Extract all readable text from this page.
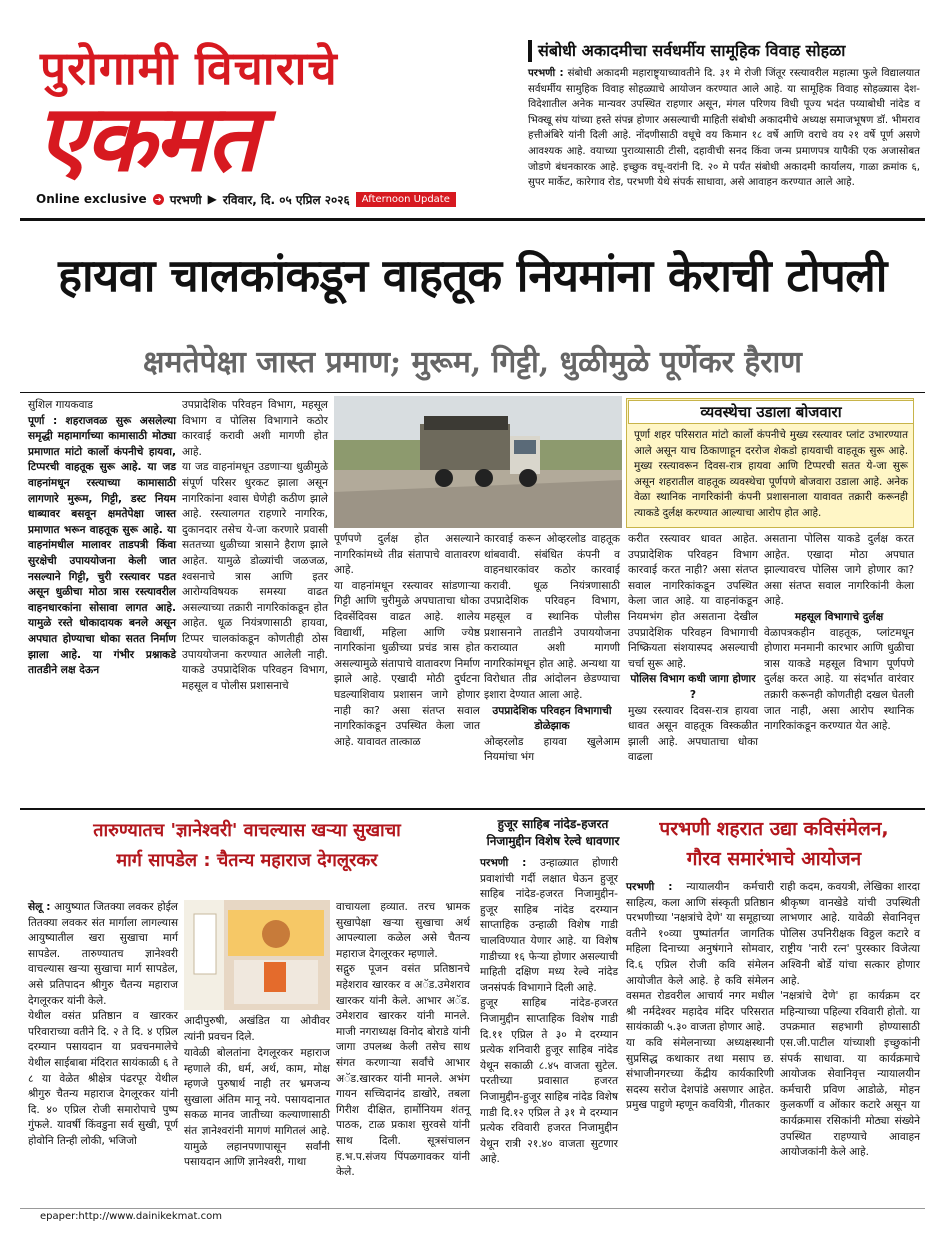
पुरोगामी विचाराचे
एकमत
Online exclusive ➜ परभणी ▶ रविवार, दि. ०५ एप्रिल २०२६	Afternoon Update
संबोधी अकादमीचा सर्वधर्मीय सामूहिक विवाह सोहळा
परभणी : संबोधी अकादमी महाराष्ट्र्याच्यावतीने दि. ३१ मे रोजी जिंतूर रस्त्यावरील महात्मा फुले विद्यालयात सर्वधर्मीय सामुहिक विवाह सोहळ्याचे आयोजन करण्यात आले आहे. या सामूहिक विवाह सोहळ्यास देश-विदेशातील अनेक मान्यवर उपस्थित राहणार असून, मंगल परिणय विधी पूज्य भदंत पय्याबोधी नांदेड व भिक्खू संघ यांच्या हस्ते संपन्न होणार असल्याची माहिती संबोधी अकादमीचे अध्यक्ष समाजभूषण डॉ. भीमराव हत्तीअंबिरे यांनी दिली आहे. नोंदणीसाठी वधूचे वय किमान १८ वर्षे आणि वराचे वय २१ वर्षे पूर्ण असणे आवश्यक आहे. वयाच्या पुराव्यासाठी टीसी, दहावीची सनद किंवा जन्म प्रमाणपत्र यापैकी एक अजासोबत जोडणे बंधनकारक आहे. इच्छुक वधू-वरांनी दि. २० मे पर्यंत संबोधी अकादमी कार्यालय, गाळा क्रमांक ६, सुपर मार्केट, कारेगाव रोड, परभणी येथे संपर्क साधावा, असे आवाहन करण्यात आले आहे.
हायवा चालकांकडून वाहतूक नियमांना केराची टोपली
क्षमतेपेक्षा जास्त प्रमाण; मुरूम, गिट्टी, धुळीमुळे पूर्णेकर हैराण
सुशिल गायकवाड
पूर्णा : शहराजवळ सुरू असलेल्या समृद्धी महामार्गाच्या कामासाठी मोठ्या प्रमाणात मांटो कार्लो कंपनीचे हायवा, टिप्परची वाहतूक सुरू आहे. या जड वाहनांमधून रस्त्याच्या कामासाठी लागणारे मुरूम, गिट्टी, डस्ट नियम धाब्यावर बसवून क्षमतेपेक्षा जास्त प्रमाणात भरून वाहतूक सुरू आहे. या वाहनांमधील मालावर ताडपत्री किंवा सुरक्षेची उपाययोजना केली जात नसल्याने गिट्टी, चुरी रस्त्यावर पडत असून धुळीचा मोठा त्रास रस्त्यावरील वाहनधारकांना सोसावा लागत आहे. यामुळे रस्ते धोकादायक बनले असून अपघात होण्याचा धोका सतत निर्माण झाला आहे. या गंभीर प्रश्नाकडे तातडीने लक्ष देऊन
उपप्रादेशिक परिवहन विभाग, महसूल विभाग व पोलिस विभागाने कठोर कारवाई करावी अशी मागणी होत आहे.
या जड वाहनांमधून उडणाऱ्या धुळीमुळे संपूर्ण परिसर धुरकट झाला असून नागरिकांना श्वास घेणेही कठीण झाले आहे. रस्त्यालगत राहणारे नागरिक, दुकानदार तसेच ये-जा करणारे प्रवासी सततच्या धुळीच्या त्रासाने हैराण झाले आहेत. यामुळे डोळ्यांची जळजळ, श्वसनाचे त्रास आणि इतर आरोग्यविषयक समस्या वाढत असल्याच्या तक्रारी नागरिकांकडून होत आहेत. धूळ नियंत्रणासाठी हायवा, टिप्पर चालकांकडून कोणतीही ठोस उपाययोजना करण्यात आलेली नाही. याकडे उपप्रादेशिक परिवहन विभाग, महसूल व पोलीस प्रशासनाचे
व्यवस्थेचा उडाला बोजवारा
पूर्णा शहर परिसरात मांटो कार्लो कंपनीचे मुख्य रस्त्यावर प्लांट उभारण्यात आले असून याच ठिकाणाहून दररोज शेकडो हायवाची वाहतूक सुरू आहे. मुख्य रस्त्यावरून दिवस-रात्र हायवा आणि टिप्परची सतत ये-जा सुरू असून शहरातील वाहतूक व्यवस्थेचा पूर्णपणे बोजवारा उडाला आहे. अनेक वेळा स्थानिक नागरिकांनी कंपनी प्रशासनाला यावावत तक्रारी करूनही त्याकडे दुर्लक्ष करण्यात आल्याचा आरोप होत आहे.
पूर्णपणे दुर्लक्ष होत असल्याने नागरिकांमध्ये तीव्र संतापाचे वातावरण आहे.
या वाहनांमधून रस्त्यावर सांडणाऱ्या गिट्टी आणि चुरीमुळे अपघाताचा धोका दिवसेंदिवस वाढत आहे. शालेय विद्यार्थी, महिला आणि ज्येष्ठ नागरिकांना धुळीच्या प्रचंड त्रास होत असल्यामुळे संतापाचे वातावरण निर्माण झाले आहे. एखादी मोठी दुर्घटना घडल्याशिवाय प्रशासन जागे होणार नाही का? असा संतप्त सवाल नागरिकांकडून उपस्थित केला जात आहे. यावावत तात्काळ
कारवाई करून ओव्हरलोड वाहतूक थांबवावी. संबंधित कंपनी व वाहनधारकांवर कठोर कारवाई करावी. धूळ नियंत्रणासाठी उपप्रादेशिक परिवहन विभाग, महसूल व स्थानिक पोलीस प्रशासनाने तातडीने उपाययोजना कराव्यात अशी मागणी नागरिकांमधून होत आहे. अन्यथा या विरोधात तीव्र आंदोलन छेडण्याचा इशारा देण्यात आला आहे.
उपप्रादेशिक परिवहन विभागाची डोळेझाक
ओव्हरलोड हायवा खुलेआम नियमांचा भंग
करीत रस्त्यावर धावत आहेत. उपप्रादेशिक परिवहन विभाग कारवाई करत नाही? असा संतप्त सवाल नागरिकांकडून उपस्थित केला जात आहे. या वाहनांकडून नियमभंग होत असताना देखील उपप्रादेशिक परिवहन विभागाची निष्क्रियता संशयास्पद असल्याची चर्चा सुरू आहे.
पोलिस विभाग कधी जागा होणार ?
मुख्य रस्त्यावर दिवस-रात्र हायवा धावत असून वाहतूक विस्कळीत झाली आहे. अपघाताचा धोका वाढला
असताना पोलिस याकडे दुर्लक्ष करत आहेत. एखादा मोठा अपघात झाल्यावरच पोलिस जागे होणार का? असा संतप्त सवाल नागरिकांनी केला आहे.
महसूल विभागाचे दुर्लक्ष
वेळापत्रकहीन वाहतूक, प्लांटमधून होणारा मनमानी कारभार आणि धुळीचा त्रास याकडे महसूल विभाग पूर्णपणे दुर्लक्ष करत आहे. या संदर्भात वारंवार तक्रारी करूनही कोणतीही दखल घेतली जात नाही, असा आरोप स्थानिक नागरिकांकडून करण्यात येत आहे.
तारुण्यातच 'ज्ञानेश्वरी' वाचल्यास खऱ्या सुखाचा
मार्ग सापडेल : चैतन्य महाराज देगलूरकर
सेलू : आयुष्यात जितक्या लवकर होईल तितक्या लवकर संत मार्गाला लागल्यास आयुष्यातील खरा सुखाचा मार्ग सापडेल. तारुण्यातच ज्ञानेश्वरी वाचल्यास खऱ्या सुखाचा मार्ग सापडेल, असे प्रतिपादन श्रीगुरु चैतन्य महाराज देगलूरकर यांनी केले.
येथील वसंत प्रतिष्ठान व खारकर परिवाराच्या वतीने दि. २ ते दि. ४ एप्रिल दरम्यान पसायदान या प्रवचनमालेचे येथील साईबाबा मंदिरात सायंकाळी ६ ते ८ या वेळेत श्रीक्षेत्र पंढरपूर येथील श्रीगुरु चैतन्य महाराज देगलूरकर यांनी दि. ४० एप्रिल रोजी समारोपाचे पुष्प गुंफले. यावर्षी किंवडुना सर्व सुखी, पूर्ण होवोनि तिन्ही लोकी, भजिजो
आदीपुरुषी, अखंडित या ओवीवर त्यांनी प्रवचन दिले.
यावेळी बोलतांना देगलूरकर महाराज म्हणाले की, धर्म, अर्थ, काम, मोक्ष म्हणजे पुरुषार्थ नाही तर भ्रमजन्य सुखाला अंतिम मानू नये. पसायदानात सकळ मानव जातीच्या कल्याणासाठी संत ज्ञानेश्वरांनी मागणं मागितलं आहे. यामुळे लहानपणापासून सर्वांनी पसायदान आणि ज्ञानेश्वरी, गाथा
वाचायला हव्यात. तरच भ्रामक सुखापेक्षा खऱ्या सुखाचा अर्थ आपल्याला कळेल असे चैतन्य महाराज देगलूरकर म्हणाले.
सद्गुरु पूजन वसंत प्रतिष्ठानचे महेशराव खारकर व अॅड.उमेशराव खारकर यांनी केले. आभार अॅड. उमेशराव खारकर यांनी मानले. माजी नगराध्यक्ष विनोद बोराडे यांनी जागा उपलब्ध केली तसेच साथ संगत करणाऱ्या सर्वांचे आभार अॅड.खारकर यांनी मानले. अभंग गायन सच्चिदानंद डाखोरे, तबला गिरीश दीक्षित, हार्मोनियम शंतनू पाठक, टाळ प्रकाश सुरवसे यांनी साथ दिली. सूत्रसंचालन ह.भ.प.संजय पिंपळगावकर यांनी केले.
हुजूर साहिब नांदेड-हजरत
निजामुद्दीन विशेष रेल्वे धावणार
परभणी : उन्हाळ्यात होणारी प्रवाशांची गर्दी लक्षात घेऊन हुजूर साहिब नांदेड-हजरत निजामुद्दीन-हुजूर साहिब नांदेड दरम्यान साप्ताहिक उन्हाळी विशेष गाडी चालविण्यात येणार आहे. या विशेष गाडीच्या १६ फेऱ्या होणार असल्याची माहिती दक्षिण मध्य रेल्वे नांदेड जनसंपर्क विभागाने दिली आहे.
हुजूर साहिब नांदेड-हजरत निजामुद्दीन साप्ताहिक विशेष गाडी दि.११ एप्रिल ते ३० मे दरम्यान प्रत्येक शनिवारी हुजूर साहिब नांदेड येथून सकाळी ८.४५ वाजता सुटेल. परतीच्या प्रवासात हजरत निजामुद्दीन-हुजूर साहिब नांदेड विशेष गाडी दि.१२ एप्रिल ते ३१ मे दरम्यान प्रत्येक रविवारी हजरत निजामुद्दीन येथून रात्री २१.४० वाजता सुटणार आहे.
परभणी शहरात उद्या कविसंमेलन,
गौरव समारंभाचे आयोजन
परभणी : न्यायालयीन कर्मचारी साहित्य, कला आणि संस्कृती प्रतिष्ठान परभणीच्या 'नक्षत्रांचे देणे' या समूहाच्या वतीने १०व्या पुष्पांतर्गत जागतिक महिला दिनाच्या अनुषंगाने सोमवार, दि.६ एप्रिल रोजी कवि संमेलन आयोजीत केले आहे. हे कवि संमेलन वसमत रोडवरील आचार्य नगर मधील श्री नर्मदेश्वर महादेव मंदिर परिसरात सायंकाळी ५.३० वाजता होणार आहे.
या कवि संमेलनाच्या अध्यक्षस्थानी सुप्रसिद्ध कथाकार तथा मसाप छ. संभाजीनगरच्या केंद्रीय कार्यकारिणी सदस्य सरोज देशपांडे असणार आहेत. प्रमुख पाहुणे म्हणून कवयित्री, गीतकार
राही कदम, कवयत्री, लेखिका शारदा श्रीकृष्ण वानखेडे यांची उपस्थिती लाभणार आहे. यावेळी सेवानिवृत्त पोलिस उपनिरीक्षक विठ्ठल कटारे व राष्ट्रीय 'नारी रत्न' पुरस्कार विजेत्या अश्विनी बोर्डे यांचा सत्कार होणार आहे.
'नक्षत्रांचे देणे' हा कार्यक्रम दर महिन्याच्या पहिल्या रविवारी होतो. या उपक्रमात सहभागी होण्यासाठी एस.जी.पाटील यांच्याशी इच्छुकांनी संपर्क साधावा. या कार्यक्रमाचे आयोजक सेवानिवृत्त न्यायालयीन कर्मचारी प्रविण आडोळे, मोहन कुलकर्णी व ओंकार कटारे असून या कार्यक्रमास रसिकांनी मोठ्या संख्येने उपस्थित राहण्याचे आवाहन आयोजकांनी केले आहे.
epaper:http://www.dainikekmat.com
